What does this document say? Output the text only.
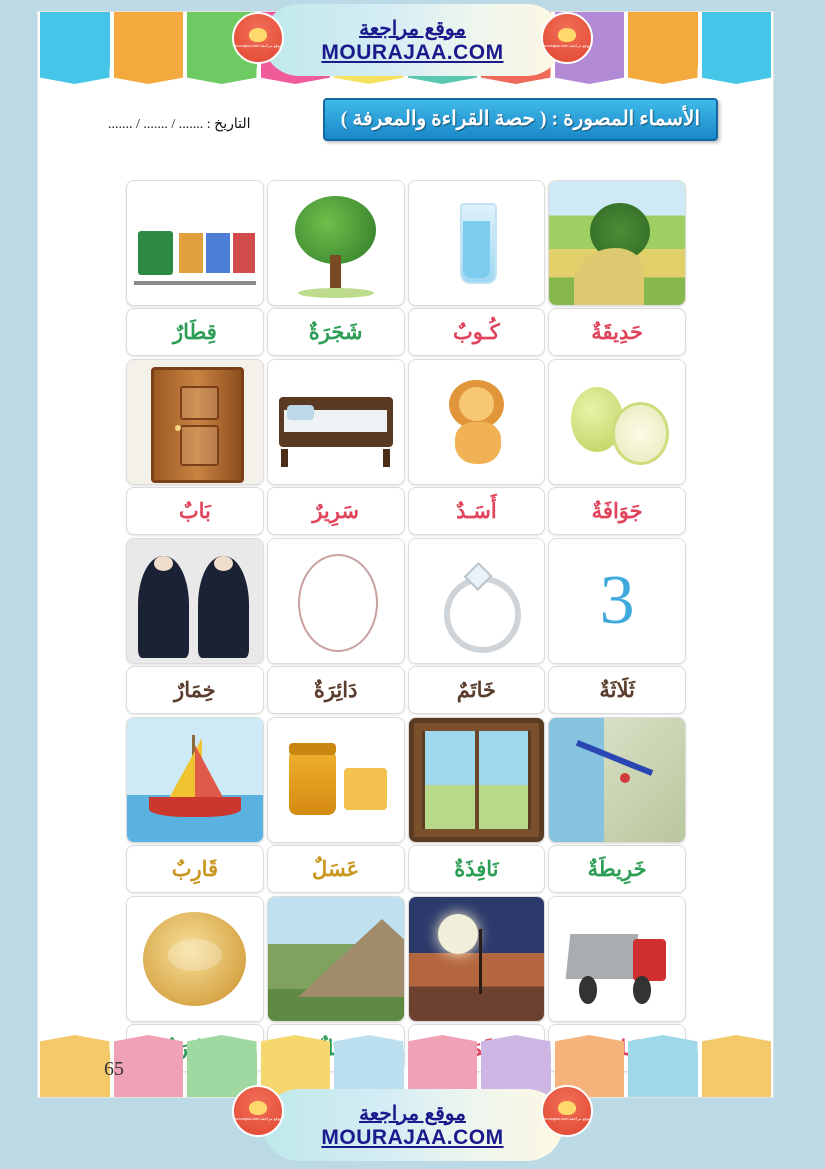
الأسماء المصورة : ( حصة القراءة والمعرفة )
التاريخ : ....... / ....... / .......
حَدِيقَةٌ
كُـوبٌ
شَجَرَةٌ
قِطَارٌ
جَوَافَةٌ
أَسَـدٌ
سَرِيرٌ
بَابٌ
3
ثَلَاثَةٌ
خَاتَمٌ
دَائِرَةٌ
خِمَارٌ
خَرِيطَةٌ
نَافِذَةٌ
عَسَلٌ
قَارِبٌ
65
موقع مراجعة
MOURAJAA.COM
موقع مراجعة mourajaa.com	موقع مراجعة mourajaa.com
موقع مراجعة
MOURAJAA.COM
موقع مراجعة mourajaa.com	موقع مراجعة mourajaa.com
